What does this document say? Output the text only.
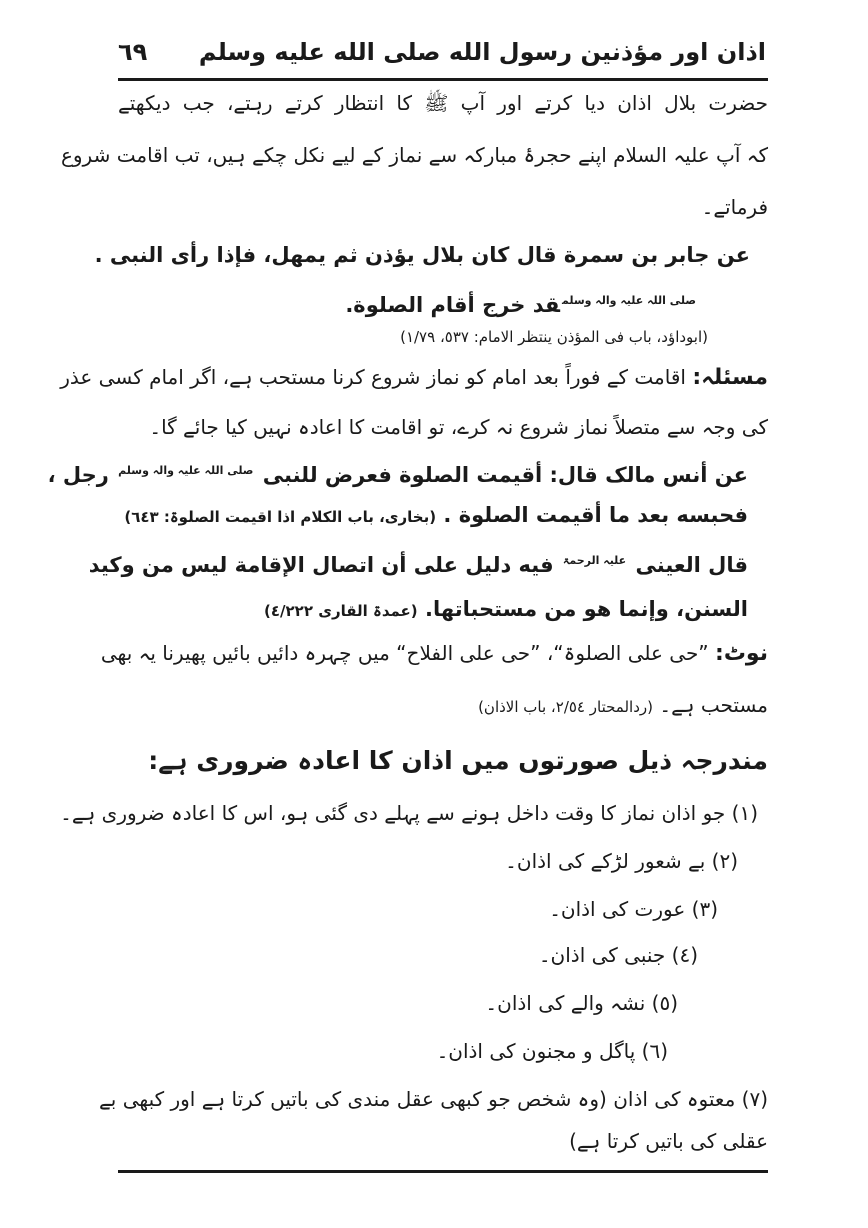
٦٩ اذان اور مؤذنین رسول الله صلى الله عليه وسلم
حضرت بلال اذان دیا کرتے اور آپ ﷺ کا انتظار کرتے رہتے، جب دیکھتے
کہ آپ علیہ السلام اپنے حجرۂ مبارکہ سے نماز کے لیے نکل چکے ہیں، تب اقامت شروع
فرماتے۔
عن جابر بن سمرة قال كان بلال يؤذن ثم يمهل، فإذا رأى النبی .
$^{صلی اللہ علیہ والہ وسلم}$قد خرج أقام الصلوة.
(ابوداؤد، باب فی المؤذن ینتظر الامام: ٥٣٧، ١/٧٩)
مسئلہ: اقامت کے فوراً بعد امام کو نماز شروع کرنا مستحب ہے، اگر امام کسی عذر
کی وجہ سے متصلاً نماز شروع نہ کرے، تو اقامت کا اعادہ نہیں کیا جائے گا۔
عن أنس مالک قال: أقيمت الصلوة فعرض للنبی $^{صلی اللہ علیہ والہ وسلم}$ رجل ،
فحبسه بعد ما أقيمت الصلوة . (بخاری، باب الکلام اذا اقیمت الصلوۃ: ٦٤٣)
قال العينی $^{علیہ الرحمۃ}$ فيه دليل على أن اتصال الإقامة ليس من وكيد
السنن، وإنما هو من مستحباتها. (عمدۃ القاری ٤/٢٢٢)
نوٹ: ”حی علی الصلوۃ“، ”حی علی الفلاح“ میں چہرہ دائیں بائیں پھیرنا یہ بھی
مستحب ہے۔ (ردالمحتار ٢/٥٤، باب الاذان)
مندرجہ ذیل صورتوں میں اذان کا اعادہ ضروری ہے:
(١) جو اذان نماز کا وقت داخل ہونے سے پہلے دی گئی ہو، اس کا اعادہ ضروری ہے۔
(٢) بے شعور لڑکے کی اذان۔
(٣) عورت کی اذان۔
(٤) جنبی کی اذان۔
(٥) نشہ والے کی اذان۔
(٦) پاگل و مجنون کی اذان۔
(٧) معتوہ کی اذان (وہ شخص جو کبھی عقل مندی کی باتیں کرتا ہے اور کبھی بے
عقلی کی باتیں کرتا ہے)
